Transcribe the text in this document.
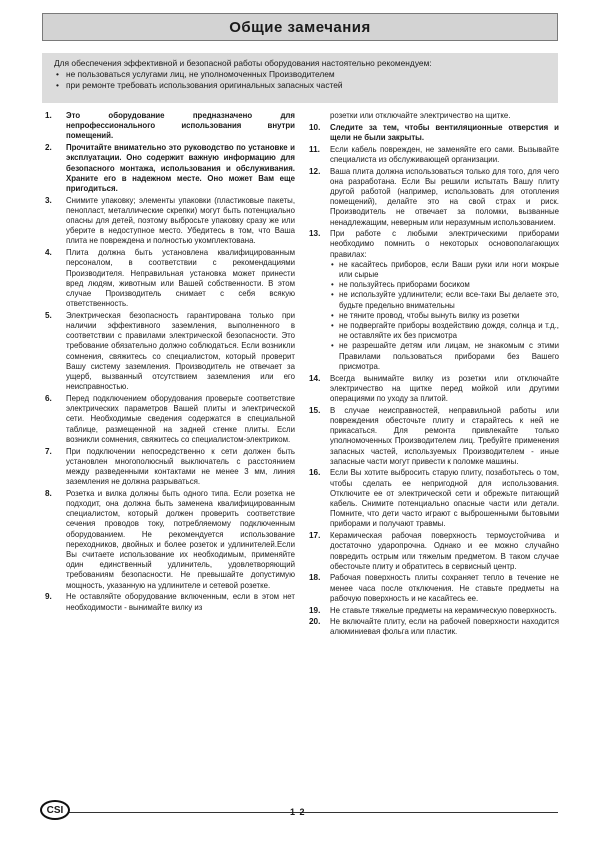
Общие замечания
Для обеспечения эффективной и безопасной работы оборудования настоятельно рекомендуем:
• не пользоваться услугами лиц, не уполномоченных Производителем
• при ремонте требовать использования оригинальных запасных частей
1.	Это оборудование предназначено для непрофессионального использования внутри помещений.
2.	Прочитайте внимательно это руководство по установке и эксплуатации. Оно содержит важную информацию для безопасного монтажа, использования и обслуживания. Храните его в надежном месте. Оно может Вам еще пригодиться.
3.	Снимите упаковку; элементы упаковки (пластиковые пакеты, пенопласт, металлические скрепки) могут быть потенциально опасны для детей, поэтому выбросьте упаковку сразу же или уберите в недоступное место. Убедитесь в том, что Ваша плита не повреждена и полностью укомплектована.
4.	Плита должна быть установлена квалифицированным персоналом, в соответствии с рекомендациями Производителя. Неправильная установка может принести вред людям, животным или Вашей собственности. В этом случае Производитель снимает с себя всякую ответственность.
5.	Электрическая безопасность гарантирована только при наличии эффективного заземления, выполненного в соответствии с правилами электрической безопасности. Это требование обязательно должно соблюдаться. Если возникли сомнения, свяжитесь со специалистом, который проверит Вашу систему заземления. Производитель не отвечает за ущерб, вызванный отсутствием заземления или его неисправностью.
6.	Перед подключением оборудования проверьте соответствие электрических параметров Вашей плиты и электрической сети. Необходимые сведения содержатся в специальной таблице, размещенной на задней стенке плиты. Если возникли сомнения, свяжитесь со специалистом-электриком.
7.	При подключении непосредственно к сети должен быть установлен многополюсный выключатель с расстоянием между разведенными контактами не менее 3 мм, линия заземления не должна разрываться.
8.	Розетка и вилка должны быть одного типа. Если розетка не подходит, она должна быть заменена квалифицированным специалистом, который должен проверить соответствие сечения проводов току, потребляемому подключенным оборудованием. Не рекомендуется использование переходников, двойных и более розеток и удлинителей.Если Вы считаете использование их необходимым, применяйте один единственный удлинитель, удовлетворяющий требованиям безопасности. Не превышайте допустимую мощность, указанную на удлинителе и сетевой розетке.
9.	Не оставляйте оборудование включенным, если в этом нет необходимости - вынимайте вилку из
розетки или отключайте электричество на щитке.
10.	Следите за тем, чтобы вентиляционные отверстия и щели не были закрыты.
11.	Если кабель поврежден, не заменяйте его сами. Вызывайте специалиста из обслуживающей организации.
12.	Ваша плита должна использоваться только для того, для чего она разработана. Если Вы решили испытать Вашу плиту другой работой (например, использовать для отопления помещений), делайте это на свой страх и риск. Производитель не отвечает за поломки, вызванные ненадлежащим, неверным или неразумным использованием.
13.	При работе с любыми электрическими приборами необходимо помнить о некоторых основополагающих правилах:
• не касайтесь приборов, если Ваши руки или ноги мокрые или сырые
• не пользуйтесь приборами босиком
• не используйте удлинители; если все-таки Вы делаете это, будьте предельно внимательны
• не тяните провод, чтобы вынуть вилку из розетки
• не подвергайте приборы воздействию дождя, солнца и т.д., не оставляйте их без присмотра
• не разрешайте детям или лицам, не знакомым с этими Правилами пользоваться приборами без Вашего присмотра.
14.	Всегда вынимайте вилку из розетки или отключайте электричество на щитке перед мойкой или другими операциями по уходу за плитой.
15.	В случае неисправностей, неправильной работы или повреждения обесточьте плиту и старайтесь к ней не прикасаться. Для ремонта привлекайте только уполномоченных Производителем лиц. Требуйте применения запасных частей, используемых Производителем - иные запасные части могут привести к поломке машины.
16.	Если Вы хотите выбросить старую плиту, позаботьтесь о том, чтобы сделать ее непригодной для использования. Отключите ее от электрической сети и обрежьте питающий кабель. Снимите потенциально опасные части или детали. Помните, что дети часто играют с выброшенными бытовыми приборами и получают травмы.
17.	Керамическая рабочая поверхность термоустойчива и достаточно ударопрочна. Однако и ее можно случайно повредить острым или тяжелым предметом. В таком случае обесточьте плиту и обратитесь в сервисный центр.
18.	Рабочая поверхность плиты сохраняет тепло в течение не менее часа после отключения. Не ставьте предметы на рабочую поверхность и не касайтесь ее.
19.	Не ставьте тяжелые предметы на керамическую поверхность.
20.	Не включайте плиту, если на рабочей поверхности находится алюминиевая фольга или пластик.
CSI	1 2
